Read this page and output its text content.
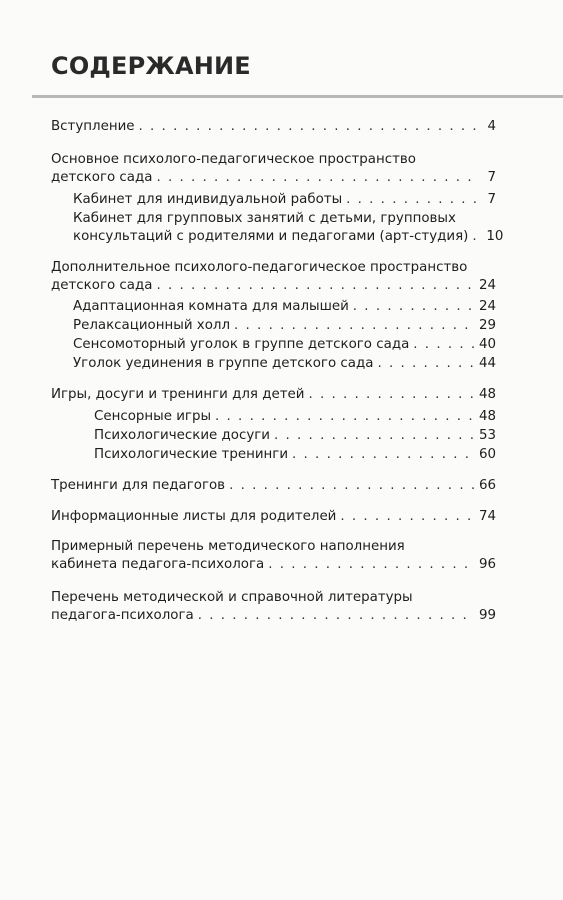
СОДЕРЖАНИЕ
Вступление . . .	4
Основное психолого-педагогическое пространство
детского сада . . .	7
Кабинет для индивидуальной работы . . .	7
Кабинет для групповых занятий с детьми, групповых
консультаций с родителями и педагогами (арт-студия) . . . 10
Дополнительное психолого-педагогическое пространство
детского сада . . .	24
Адаптационная комната для малышей . . .	24
Релаксационный холл . . .	29
Сенсомоторный уголок в группе детского сада . . .	40
Уголок уединения в группе детского сада . . .	44
Игры, досуги и тренинги для детей . . .	48
Сенсорные игры . . .	48
Психологические досуги . . .	53
Психологические тренинги . . .	60
Тренинги для педагогов . . .	66
Информационные листы для родителей . . .	74
Примерный перечень методического наполнения
кабинета педагога-психолога . . .	96
Перечень методической и справочной литературы
педагога-психолога . . .	99
